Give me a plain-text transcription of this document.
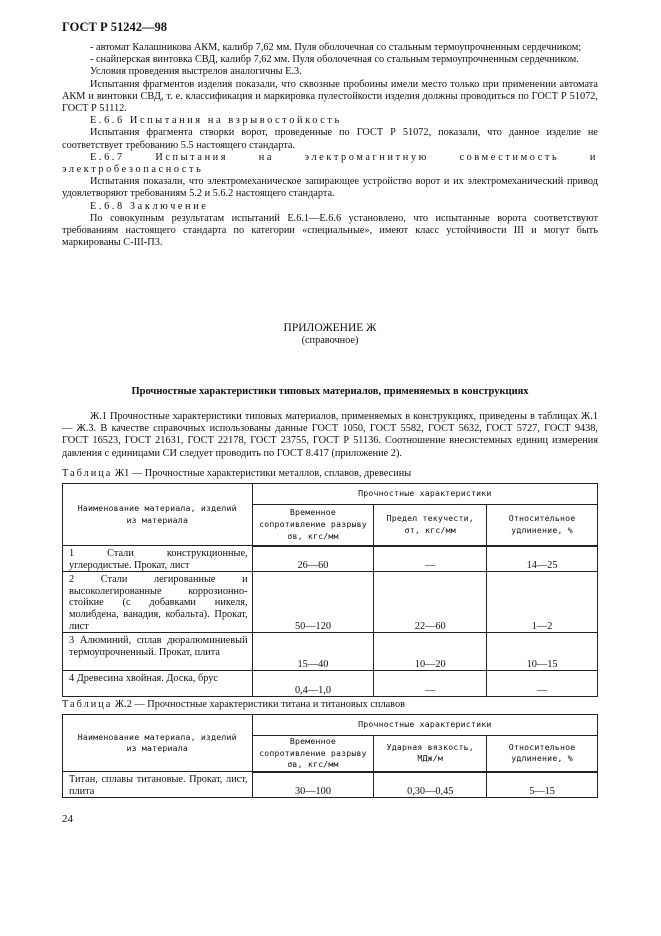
ГОСТ Р 51242—98

- автомат Калашникова АКМ, калибр 7,62 мм. Пуля оболочечная со стальным термоупрочненным сердечником;

- снайперская винтовка СВД, калибр 7,62 мм. Пуля оболочечная со стальным термоупрочненным сердечником.

Условия проведения выстрелов аналогичны Е.3.

Испытания фрагментов изделия показали, что сквозные пробоины имели место только при применении автомата АКМ и винтовки СВД, т. е. классификация и маркировка пулестойкости изделия должны проводиться по ГОСТ Р 51072, ГОСТ Р 51112.

Е.6.6 Испытания на взрывостойкость

Испытания фрагмента створки ворот, проведенные по ГОСТ Р 51072, показали, что данное изделие не соответствует требованию 5.5 настоящего стандарта.

Е.6.7 Испытания на электромагнитную совместимость и электробезопасность

Испытания показали, что электромеханическое запирающее устройство ворот и их электромеханический привод удовлетворяют требованиям 5.2 и 5.6.2 настоящего стандарта.

Е.6.8 Заключение

По совокупным результатам испытаний Е.6.1—Е.6.6 установлено, что испытанные ворота соответствуют требованиям настоящего стандарта по категории «специальные», имеют класс устойчивости III и могут быть маркированы С-III-П3.

ПРИЛОЖЕНИЕ Ж
(справочное)
Прочностные характеристики типовых материалов, применяемых в конструкциях

Ж.1 Прочностные характеристики типовых материалов, применяемых в конструкциях, приведены в таблицах Ж.1 — Ж.3. В качестве справочных использованы данные ГОСТ 1050, ГОСТ 5582, ГОСТ 5632, ГОСТ 5727, ГОСТ 9438, ГОСТ 16523, ГОСТ 21631, ГОСТ 22178, ГОСТ 23755, ГОСТ Р 51136. Соотношение внесистемных единиц измерения давления с единицами СИ следует проводить по ГОСТ 8.417 (приложение 2).

Таблица Ж1 — Прочностные характеристики металлов, сплавов, древесины
Наименование материала, изделий из материала	Прочностные характеристики		
	Временное сопротивление разрыву σв, кгс/мм	Предел текучести, σт, кгс/мм	Относительное удлинение, %
1 Стали конструкционные, углеродистые. Прокат, лист	26—60	—	14—25
2 Стали легированные и высоколегированные коррозионно-стойкие (с добавками никеля, молибдена, ванадия, кобальта). Прокат, лист	50—120	22—60	1—2
3 Алюминий, сплав дюралюминиевый термоупрочненный. Прокат, плита	15—40	10—20	10—15
4 Древесина хвойная. Доска, брус	0,4—1,0	—	—
Таблица Ж.2 — Прочностные характеристики титана и титановых сплавов
Наименование материала, изделий из материала	Прочностные характеристики		
	Временное сопротивление разрыву σв, кгс/мм	Ударная вязкость, МДж/м	Относительное удлинение, %
Титан, сплавы титановые. Прокат, лист, плита	30—100	0,30—0,45	5—15
24
